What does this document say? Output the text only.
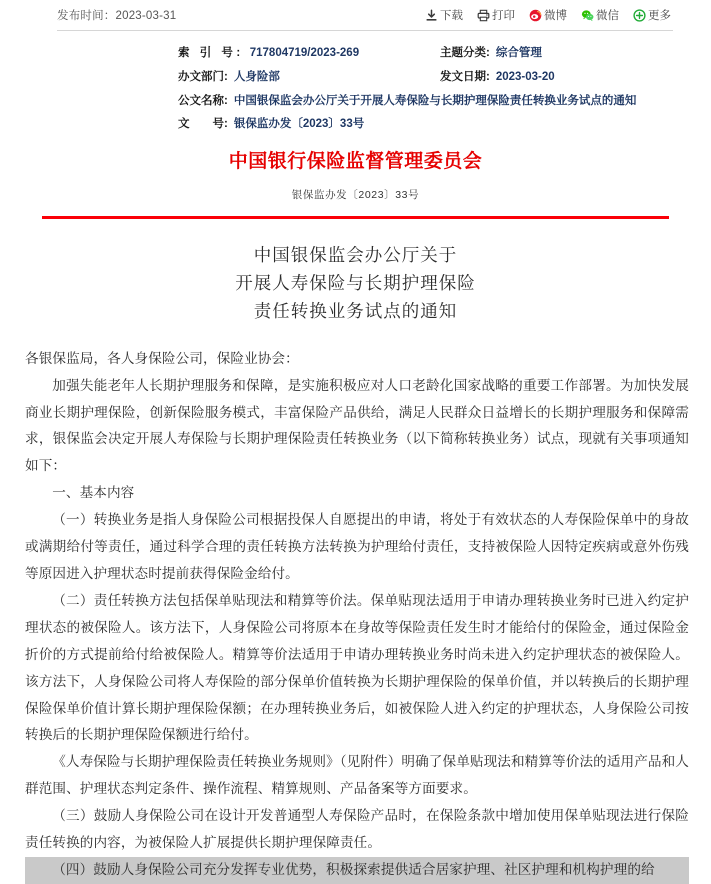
发布时间：2023-03-31	下载	打印	微博	微信	更多
索 引 号: 717804719/2023-269	主题分类: 综合管理
办文部门: 人身险部	发文日期: 2023-03-20
公文名称: 中国银保监会办公厅关于开展人寿保险与长期护理保险责任转换业务试点的通知
文　　号: 银保监办发〔2023〕33号
中国银行保险监督管理委员会
银保监办发〔2023〕33号
中国银保监会办公厅关于
开展人寿保险与长期护理保险
责任转换业务试点的通知

各银保监局，各人身保险公司，保险业协会：

加强失能老年人长期护理服务和保障，是实施积极应对人口老龄化国家战略的重要工作部署。为加快发展商业长期护理保险，创新保险服务模式，丰富保险产品供给，满足人民群众日益增长的长期护理服务和保障需求，银保监会决定开展人寿保险与长期护理保险责任转换业务（以下简称转换业务）试点，现就有关事项通知如下：

一、基本内容

（一）转换业务是指人身保险公司根据投保人自愿提出的申请，将处于有效状态的人寿保险保单中的身故或满期给付等责任，通过科学合理的责任转换方法转换为护理给付责任，支持被保险人因特定疾病或意外伤残等原因进入护理状态时提前获得保险金给付。

（二）责任转换方法包括保单贴现法和精算等价法。保单贴现法适用于申请办理转换业务时已进入约定护理状态的被保险人。该方法下，人身保险公司将原本在身故等保险责任发生时才能给付的保险金，通过保险金折价的方式提前给付给被保险人。精算等价法适用于申请办理转换业务时尚未进入约定护理状态的被保险人。该方法下，人身保险公司将人寿保险的部分保单价值转换为长期护理保险的保单价值，并以转换后的长期护理保险保单价值计算长期护理保险保额；在办理转换业务后，如被保险人进入约定的护理状态，人身保险公司按转换后的长期护理保险保额进行给付。

《人寿保险与长期护理保险责任转换业务规则》（见附件）明确了保单贴现法和精算等价法的适用产品和人群范围、护理状态判定条件、操作流程、精算规则、产品备案等方面要求。

（三）鼓励人身保险公司在设计开发普通型人寿保险产品时，在保险条款中增加使用保单贴现法进行保险责任转换的内容，为被保险人扩展提供长期护理保障责任。

（四）鼓励人身保险公司充分发挥专业优势，积极探索提供适合居家护理、社区护理和机构护理的给
